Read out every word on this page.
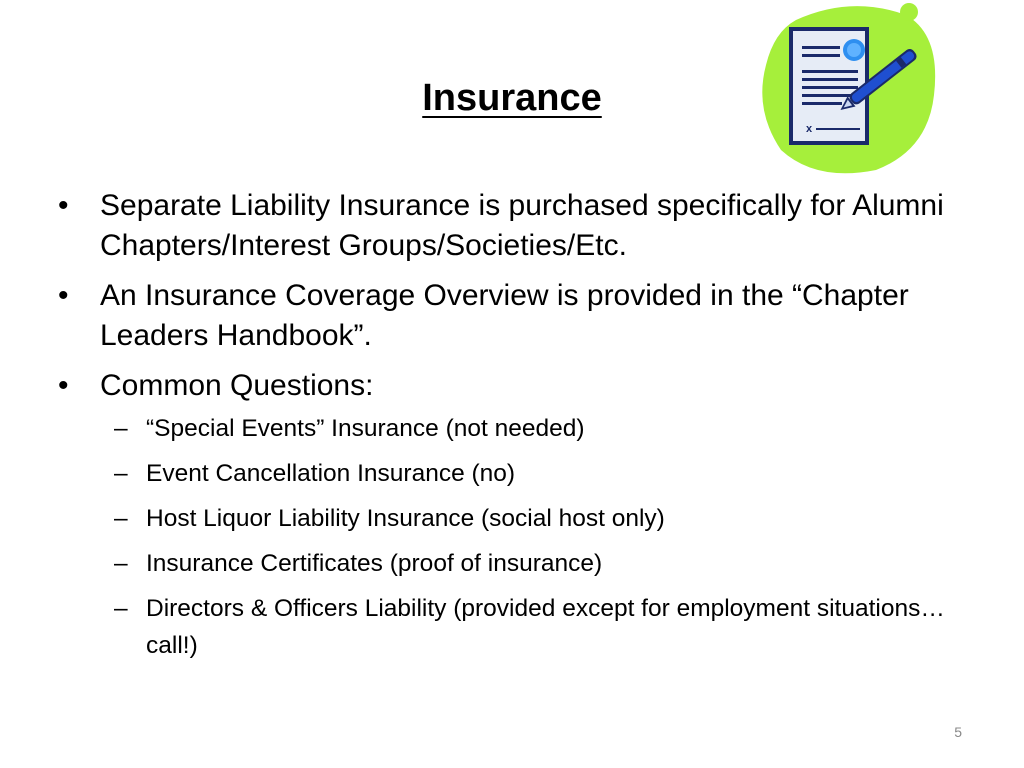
Insurance
x
•	Separate Liability Insurance is purchased specifically for Alumni Chapters/Interest Groups/Societies/Etc.
•	An Insurance Coverage Overview is provided in the “Chapter Leaders Handbook”.
•	Common Questions:
– “Special Events” Insurance (not needed)
– Event Cancellation Insurance (no)
– Host Liquor Liability Insurance (social host only)
– Insurance Certificates (proof of insurance)
– Directors & Officers Liability (provided except for employment situations…call!)
5
